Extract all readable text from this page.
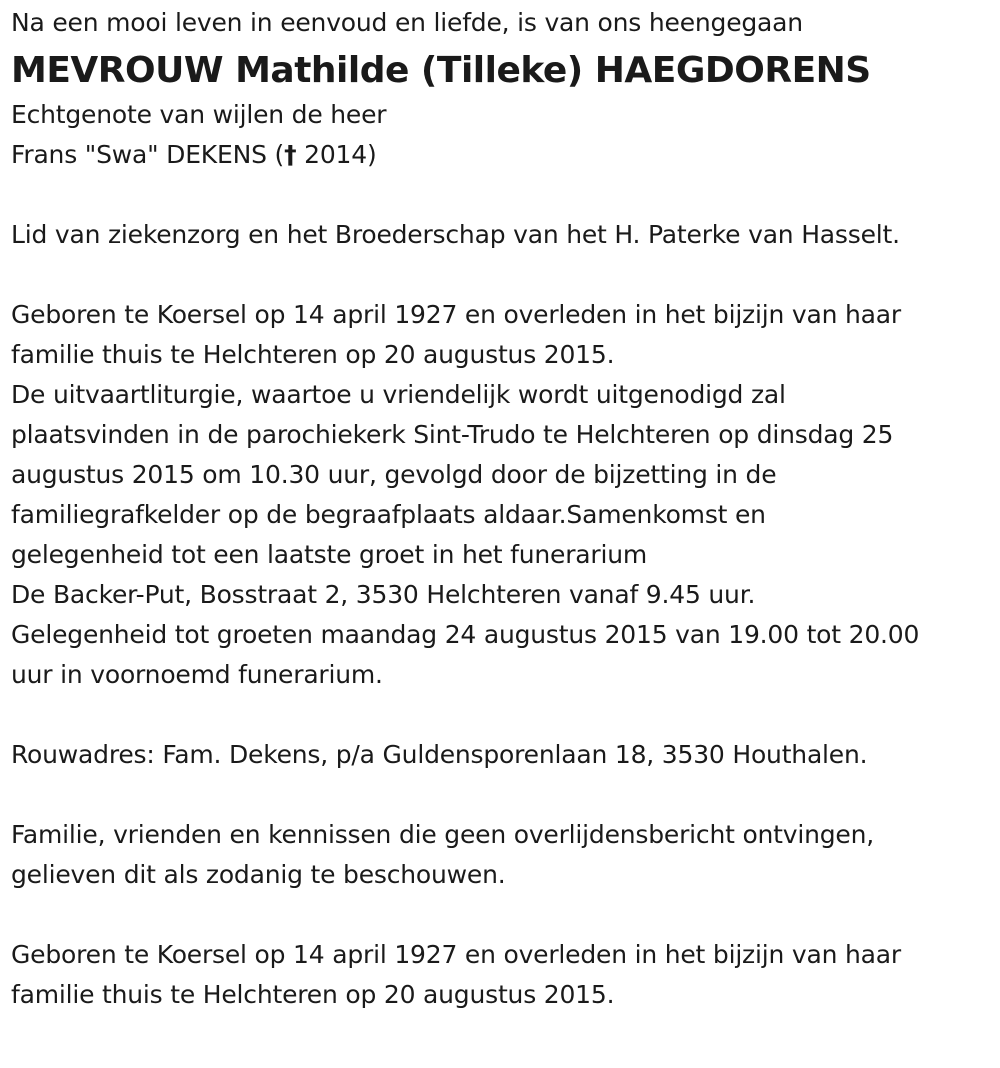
Na een mooi leven in eenvoud en liefde, is van ons heengegaan
MEVROUW Mathilde (Tilleke) HAEGDORENS
Echtgenote van wijlen de heer
Frans "Swa" DEKENS († 2014)
Lid van ziekenzorg en het Broederschap van het H. Paterke van Hasselt.
Geboren te Koersel op 14 april 1927 en overleden in het bijzijn van haar
familie thuis te Helchteren op 20 augustus 2015.
De uitvaartliturgie, waartoe u vriendelijk wordt uitgenodigd zal
plaatsvinden in de parochiekerk Sint-Trudo te Helchteren op dinsdag 25
augustus 2015 om 10.30 uur, gevolgd door de bijzetting in de
familiegrafkelder op de begraafplaats aldaar.Samenkomst en
gelegenheid tot een laatste groet in het funerarium
De Backer-Put, Bosstraat 2, 3530 Helchteren vanaf 9.45 uur.
Gelegenheid tot groeten maandag 24 augustus 2015 van 19.00 tot 20.00
uur in voornoemd funerarium.
Rouwadres: Fam. Dekens, p/a Guldensporenlaan 18, 3530 Houthalen.
Familie, vrienden en kennissen die geen overlijdensbericht ontvingen,
gelieven dit als zodanig te beschouwen.
Geboren te Koersel op 14 april 1927 en overleden in het bijzijn van haar
familie thuis te Helchteren op 20 augustus 2015.
